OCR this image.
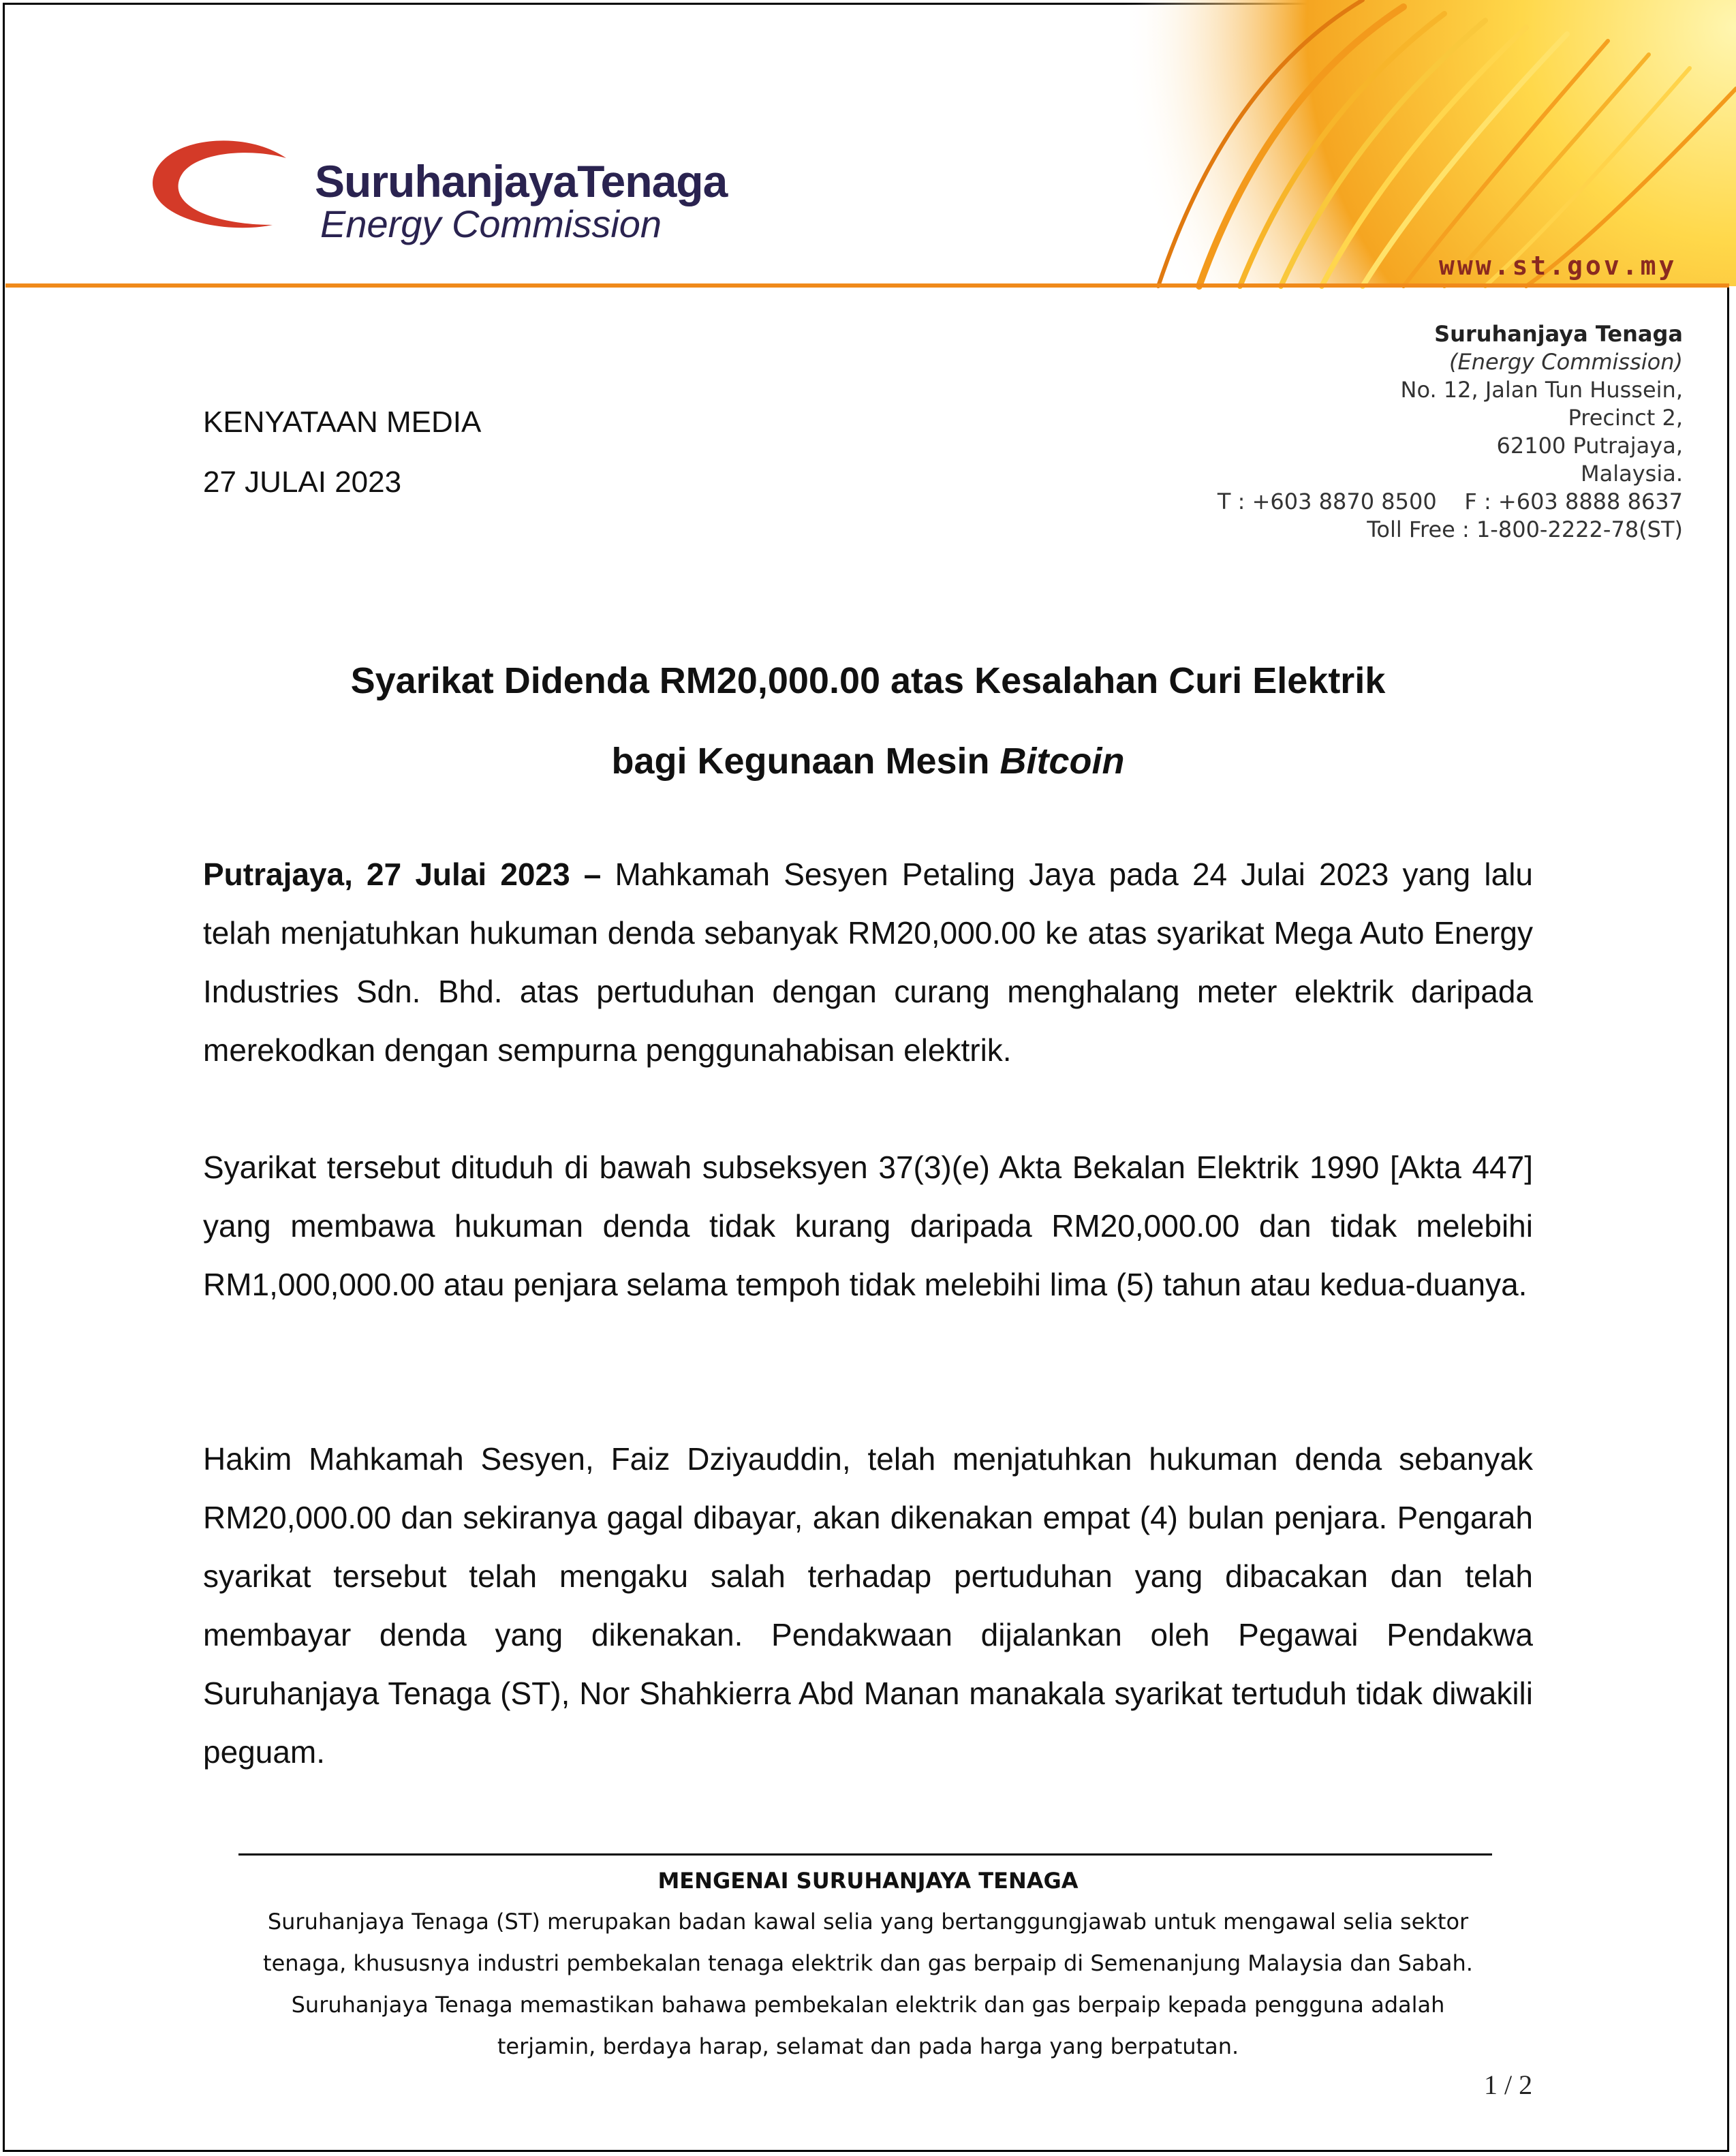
SuruhanjayaTenaga
Energy Commission
www.st.gov.my
Suruhanjaya Tenaga
(Energy Commission)
No. 12, Jalan Tun Hussein,
Precinct 2,
62100 Putrajaya,
Malaysia.
T : +603 8870 8500    F : +603 8888 8637
Toll Free : 1-800-2222-78(ST)
KENYATAAN MEDIA
27 JULAI 2023
Syarikat Didenda RM20,000.00 atas Kesalahan Curi Elektrik
bagi Kegunaan Mesin Bitcoin
Putrajaya, 27 Julai 2023 – Mahkamah Sesyen Petaling Jaya pada 24 Julai 2023 yang lalu telah menjatuhkan hukuman denda sebanyak RM20,000.00 ke atas syarikat Mega Auto Energy Industries Sdn. Bhd. atas pertuduhan dengan curang menghalang meter elektrik daripada merekodkan dengan sempurna penggunahabisan elektrik.
Syarikat tersebut dituduh di bawah subseksyen 37(3)(e) Akta Bekalan Elektrik 1990 [Akta 447] yang membawa hukuman denda tidak kurang daripada RM20,000.00 dan tidak melebihi RM1,000,000.00 atau penjara selama tempoh tidak melebihi lima (5) tahun atau kedua-duanya.
Hakim Mahkamah Sesyen, Faiz Dziyauddin, telah menjatuhkan hukuman denda sebanyak RM20,000.00 dan sekiranya gagal dibayar, akan dikenakan empat (4) bulan penjara. Pengarah syarikat tersebut telah mengaku salah terhadap pertuduhan yang dibacakan dan telah membayar denda yang dikenakan. Pendakwaan dijalankan oleh Pegawai Pendakwa Suruhanjaya Tenaga (ST), Nor Shahkierra Abd Manan manakala syarikat tertuduh tidak diwakili peguam.
MENGENAI SURUHANJAYA TENAGA
Suruhanjaya Tenaga (ST) merupakan badan kawal selia yang bertanggungjawab untuk mengawal selia sektor
tenaga, khususnya industri pembekalan tenaga elektrik dan gas berpaip di Semenanjung Malaysia dan Sabah.
Suruhanjaya Tenaga memastikan bahawa pembekalan elektrik dan gas berpaip kepada pengguna adalah
terjamin, berdaya harap, selamat dan pada harga yang berpatutan.
1 / 2
